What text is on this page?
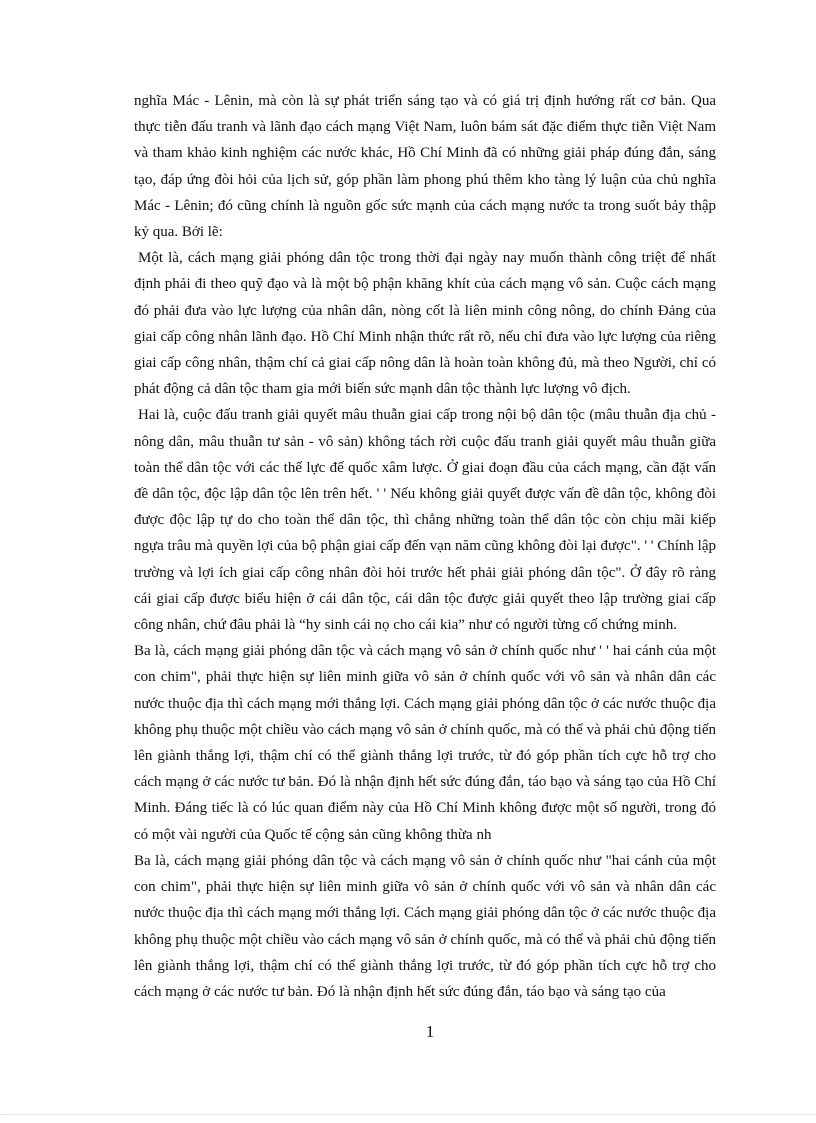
nghĩa Mác - Lênin, mà còn là sự phát triển sáng tạo và có giá trị định hướng rất cơ bản. Qua thực tiễn đấu tranh và lãnh đạo cách mạng Việt Nam, luôn bám sát đặc điểm thực tiễn Việt Nam và tham khảo kinh nghiệm các nước khác, Hồ Chí Minh đã có những giải pháp đúng đắn, sáng tạo, đáp ứng đòi hỏi của lịch sử, góp phần làm phong phú thêm kho tàng lý luận của chủ nghĩa Mác - Lênin; đó cũng chính là nguồn gốc sức mạnh của cách mạng nước ta trong suốt bảy thập kỷ qua. Bởi lẽ:

Một là, cách mạng giải phóng dân tộc trong thời đại ngày nay muốn thành công triệt để nhất định phải đi theo quỹ đạo và là một bộ phận khăng khít của cách mạng vô sản. Cuộc cách mạng đó phải đưa vào lực lượng của nhân dân, nòng cốt là liên minh công nông, do chính Đảng của giai cấp công nhân lãnh đạo. Hồ Chí Minh nhận thức rất rõ, nếu chỉ đưa vào lực lượng của riêng giai cấp công nhân, thậm chí cả giai cấp nông dân là hoàn toàn không đủ, mà theo Người, chỉ có phát động cả dân tộc tham gia mới biến sức mạnh dân tộc thành lực lượng vô địch.

Hai là, cuộc đấu tranh giải quyết mâu thuẫn giai cấp trong nội bộ dân tộc (mâu thuẫn địa chủ - nông dân, mâu thuẫn tư sản - vô sản) không tách rời cuộc đấu tranh giải quyết mâu thuẫn giữa toàn thể dân tộc với các thế lực đế quốc xâm lược. Ở giai đoạn đầu của cách mạng, cần đặt vấn đề dân tộc, độc lập dân tộc lên trên hết. ' ' Nếu không giải quyết được vấn đề dân tộc, không đòi được độc lập tự do cho toàn thể dân tộc, thì chẳng những toàn thể dân tộc còn chịu mãi kiếp ngựa trâu mà quyền lợi của bộ phận giai cấp đến vạn năm cũng không đòi lại được". ' ' Chính lập trường và lợi ích giai cấp công nhân đòi hỏi trước hết phải giải phóng dân tộc". Ở đây rõ ràng cái giai cấp được biểu hiện ở cái dân tộc, cái dân tộc được giải quyết theo lập trường giai cấp công nhân, chứ đâu phải là “hy sinh cái nọ cho cái kia” như có người từng cố chứng minh.

Ba là, cách mạng giải phóng dân tộc và cách mạng vô sản ở chính quốc như ' ' hai cánh của một con chim", phải thực hiện sự liên minh giữa vô sản ở chính quốc với vô sản và nhân dân các nước thuộc địa thì cách mạng mới thắng lợi. Cách mạng giải phóng dân tộc ở các nước thuộc địa không phụ thuộc một chiều vào cách mạng vô sản ở chính quốc, mà có thể và phải chủ động tiến lên giành thắng lợi, thậm chí có thể giành thắng lợi trước, từ đó góp phần tích cực hỗ trợ cho cách mạng ở các nước tư bản. Đó là nhận định hết sức đúng đắn, táo bạo và sáng tạo của Hồ Chí Minh. Đáng tiếc là có lúc quan điểm này của Hồ Chí Minh không được một số người, trong đó có một vài người của Quốc tế cộng sản cũng không thừa nh

Ba là, cách mạng giải phóng dân tộc và cách mạng vô sản ở chính quốc như "hai cánh của một con chim", phải thực hiện sự liên minh giữa vô sản ở chính quốc với vô sản và nhân dân các nước thuộc địa thì cách mạng mới thắng lợi. Cách mạng giải phóng dân tộc ở các nước thuộc địa không phụ thuộc một chiều vào cách mạng vô sản ở chính quốc, mà có thể và phải chủ động tiến lên giành thắng lợi, thậm chí có thể giành thắng lợi trước, từ đó góp phần tích cực hỗ trợ cho cách mạng ở các nước tư bản. Đó là nhận định hết sức đúng đắn, táo bạo và sáng tạo của

1
